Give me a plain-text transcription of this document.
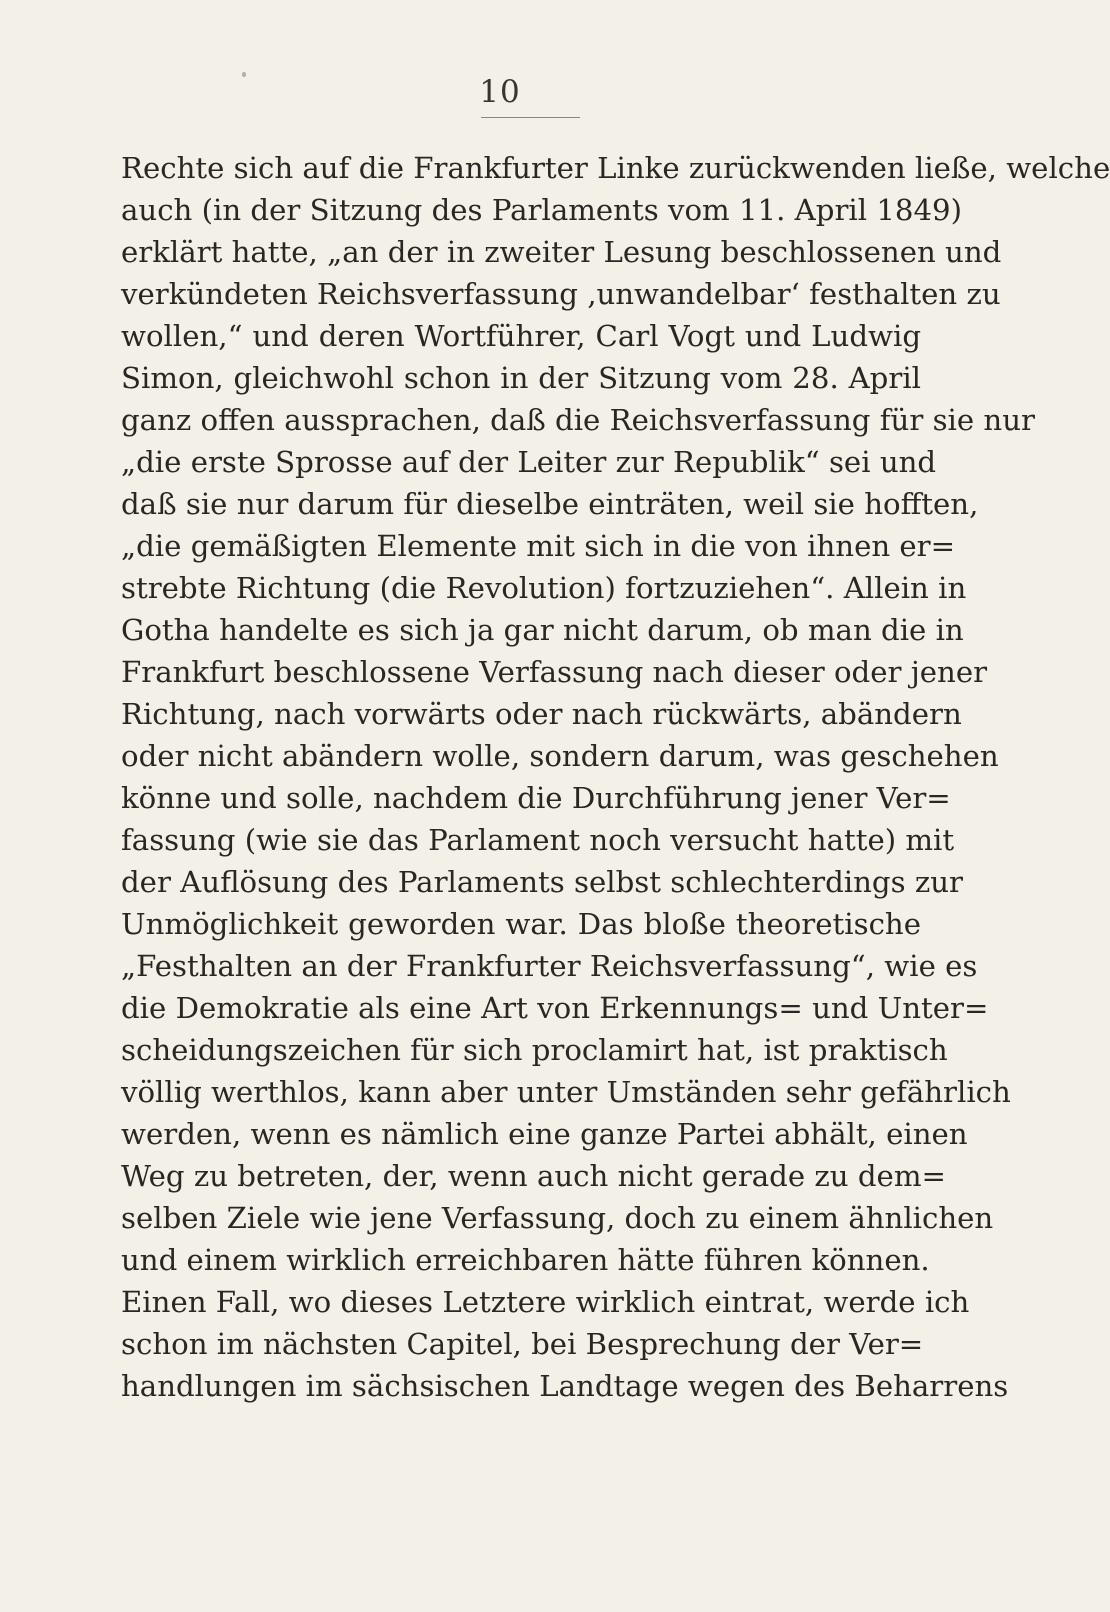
10
Rechte sich auf die Frankfurter Linke zurückwenden ließe, welche
auch (in der Sitzung des Parlaments vom 11. April 1849)
erklärt hatte, „an der in zweiter Lesung beschlossenen und
verkündeten Reichsverfassung ‚unwandelbar‘ festhalten zu
wollen,“ und deren Wortführer, Carl Vogt und Ludwig
Simon, gleichwohl schon in der Sitzung vom 28. April
ganz offen aussprachen, daß die Reichsverfassung für sie nur
„die erste Sprosse auf der Leiter zur Republik“ sei und
daß sie nur darum für dieselbe einträten, weil sie hofften,
„die gemäßigten Elemente mit sich in die von ihnen er=
strebte Richtung (die Revolution) fortzuziehen“. Allein in
Gotha handelte es sich ja gar nicht darum, ob man die in
Frankfurt beschlossene Verfassung nach dieser oder jener
Richtung, nach vorwärts oder nach rückwärts, abändern
oder nicht abändern wolle, sondern darum, was geschehen
könne und solle, nachdem die Durchführung jener Ver=
fassung (wie sie das Parlament noch versucht hatte) mit
der Auflösung des Parlaments selbst schlechterdings zur
Unmöglichkeit geworden war. Das bloße theoretische
„Festhalten an der Frankfurter Reichsverfassung“, wie es
die Demokratie als eine Art von Erkennungs= und Unter=
scheidungszeichen für sich proclamirt hat, ist praktisch
völlig werthlos, kann aber unter Umständen sehr gefährlich
werden, wenn es nämlich eine ganze Partei abhält, einen
Weg zu betreten, der, wenn auch nicht gerade zu dem=
selben Ziele wie jene Verfassung, doch zu einem ähnlichen
und einem wirklich erreichbaren hätte führen können.
Einen Fall, wo dieses Letztere wirklich eintrat, werde ich
schon im nächsten Capitel, bei Besprechung der Ver=
handlungen im sächsischen Landtage wegen des Beharrens
